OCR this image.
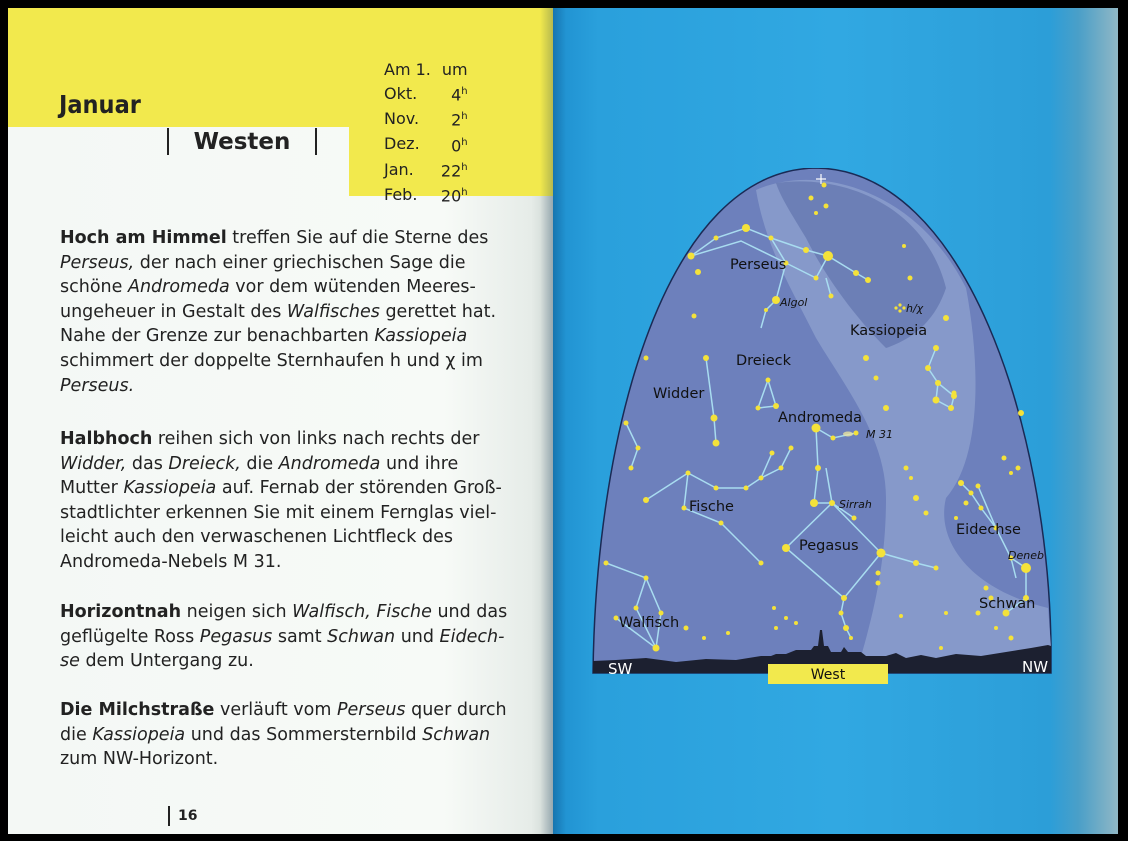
Januar
Westen
Am 1.	um
Okt.	4$^h$
Nov.	2$^h$
Dez.	0$^h$
Jan.	22$^h$
Feb.	20$^h$

Hoch am Himmel treffen Sie auf die Sterne des Perseus, der nach einer griechischen Sage die schöne Andromeda vor dem wütenden Meeresungeheuer in Gestalt des Walfisches gerettet hat. Nahe der Grenze zur benachbarten Kassiopeia schimmert der doppelte Sternhaufen h und χ im Perseus.

Halbhoch reihen sich von links nach rechts der Widder, das Dreieck, die Andromeda und ihre Mutter Kassiopeia auf. Fernab der störenden Großstadtlichter erkennen Sie mit einem Fernglas vielleicht auch den verwaschenen Lichtfleck des Andromeda-Nebels M 31.

Horizontnah neigen sich Walfisch, Fische und das geflügelte Ross Pegasus samt Schwan und Eidechse dem Untergang zu.

Die Milchstraße verläuft vom Perseus quer durch die Kassiopeia und das Sommersternbild Schwan zum NW-Horizont.

16
Perseus
Kassiopeia
Dreieck
Widder
Andromeda
Fische
Pegasus
Walfisch
Eidechse
Schwan
Algol	h/χ
M 31
Sirrah
Deneb
SW	NW
West
